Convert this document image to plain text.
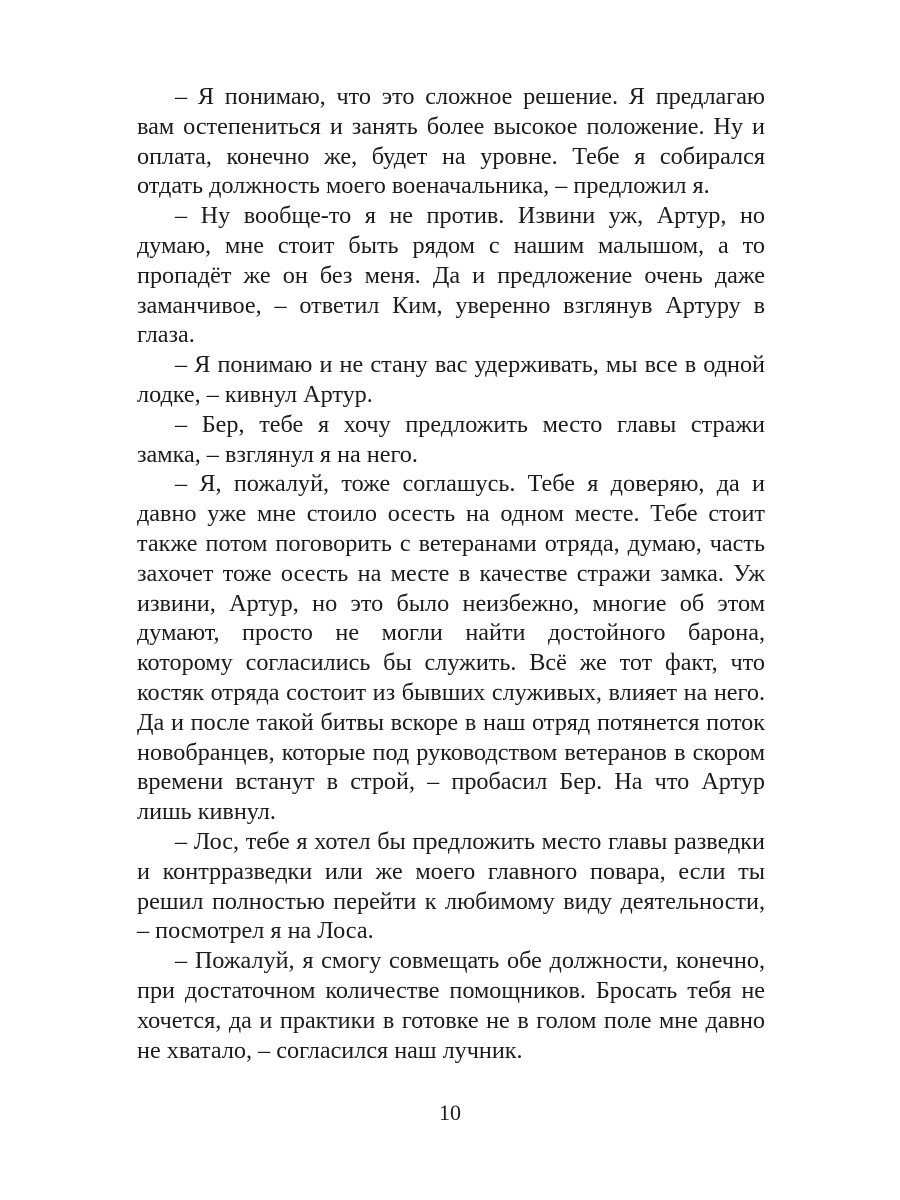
– Я понимаю, что это сложное решение. Я предлагаю вам остепениться и занять более высокое положение. Ну и оплата, конечно же, будет на уровне. Тебе я собирался отдать должность моего военачальника, – предложил я.

– Ну вообще-то я не против. Извини уж, Артур, но думаю, мне стоит быть рядом с нашим малышом, а то пропадёт же он без меня. Да и предложение очень даже заманчивое, – ответил Ким, уверенно взглянув Артуру в глаза.

– Я понимаю и не стану вас удерживать, мы все в одной лодке, – кивнул Артур.

– Бер, тебе я хочу предложить место главы стражи замка, – взглянул я на него.

– Я, пожалуй, тоже соглашусь. Тебе я доверяю, да и давно уже мне стоило осесть на одном месте. Тебе стоит также потом поговорить с ветеранами отряда, думаю, часть захочет тоже осесть на месте в качестве стражи замка. Уж извини, Артур, но это было неизбежно, многие об этом думают, просто не могли найти достойного барона, которому согласились бы служить. Всё же тот факт, что костяк отряда состоит из бывших служивых, влияет на него. Да и после такой битвы вскоре в наш отряд потянется поток новобранцев, которые под руководством ветеранов в скором времени встанут в строй, – пробасил Бер. На что Артур лишь кивнул.

– Лос, тебе я хотел бы предложить место главы разведки и контрразведки или же моего главного повара, если ты решил полностью перейти к любимому виду деятельности, – посмотрел я на Лоса.

– Пожалуй, я смогу совмещать обе должности, конечно, при достаточном количестве помощников. Бросать тебя не хочется, да и практики в готовке не в голом поле мне давно не хватало, – согласился наш лучник.

10
